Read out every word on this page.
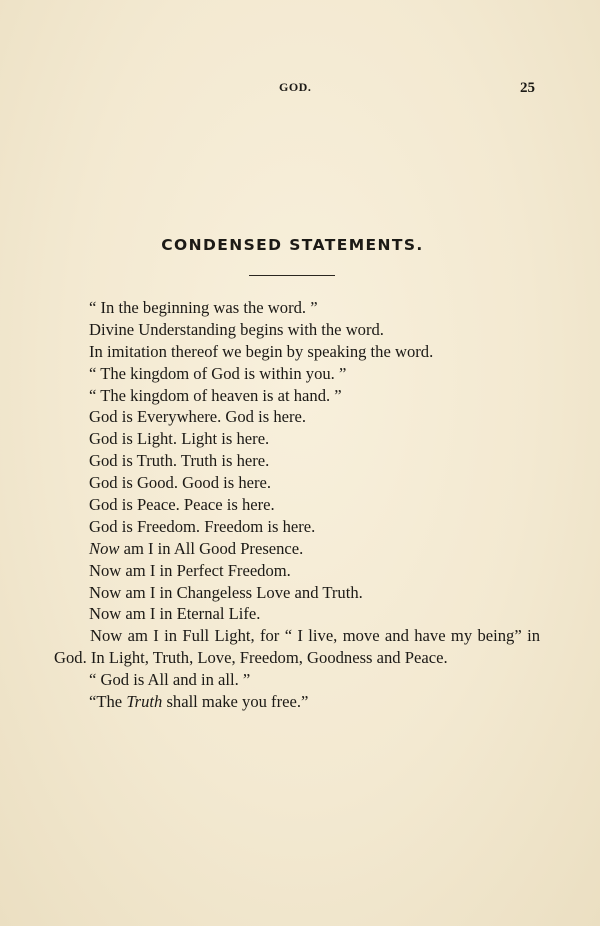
GOD.	25
CONDENSED STATEMENTS.
“ In the beginning was the word. ”
Divine Understanding begins with the word.
In imitation thereof we begin by speaking the word.
“ The kingdom of God is within you. ”
“ The kingdom of heaven is at hand. ”
God is Everywhere. God is here.
God is Light. Light is here.
God is Truth. Truth is here.
God is Good. Good is here.
God is Peace. Peace is here.
God is Freedom. Freedom is here.
Now am I in All Good Presence.
Now am I in Perfect Freedom.
Now am I in Changeless Love and Truth.
Now am I in Eternal Life.
Now am I in Full Light, for “ I live, move and have my being” in God. In Light, Truth, Love, Freedom, Goodness and Peace.
“ God is All and in all. ”
“The Truth shall make you free.”
